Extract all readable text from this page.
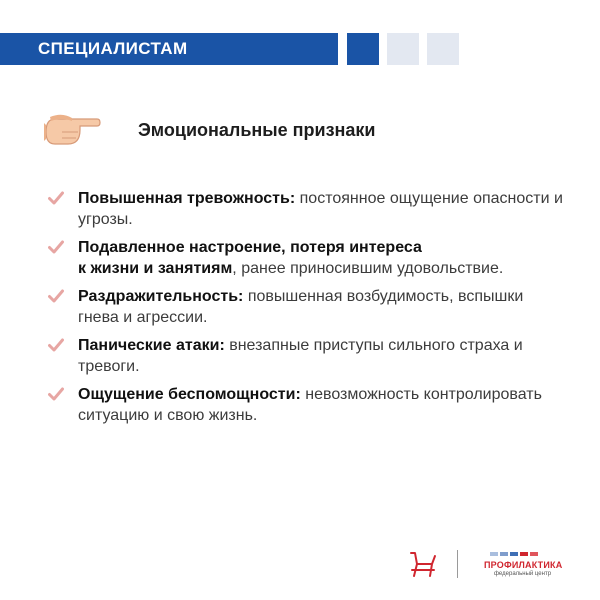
СПЕЦИАЛИСТАМ
Эмоциональные признаки
Повышенная тревожность: постоянное ощущение опасности и угрозы.
Подавленное настроение, потеря интереса
к жизни и занятиям, ранее приносившим удовольствие.
Раздражительность: повышенная возбудимость, вспышки гнева и агрессии.
Панические атаки: внезапные приступы сильного страха и тревоги.
Ощущение беспомощности: невозможность контролировать ситуацию и свою жизнь.
ПРОФИЛАКТИКА
федеральный центр
